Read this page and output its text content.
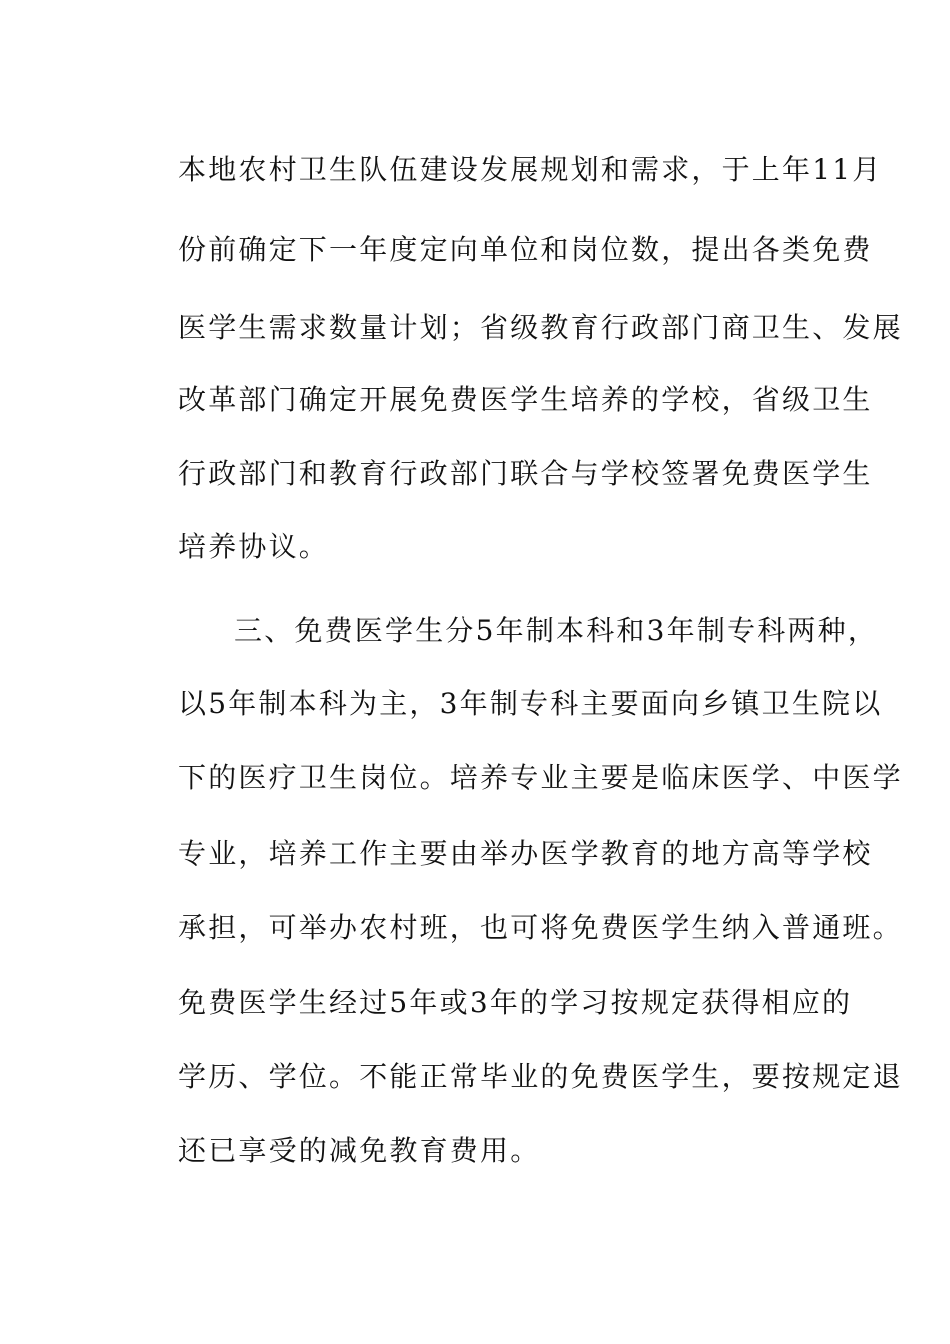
本地农村卫生队伍建设发展规划和需求，于上年11月
份前确定下一年度定向单位和岗位数，提出各类免费
医学生需求数量计划；省级教育行政部门商卫生、发展
改革部门确定开展免费医学生培养的学校，省级卫生
行政部门和教育行政部门联合与学校签署免费医学生
培养协议。
三、免费医学生分5年制本科和3年制专科两种，
以5年制本科为主，3年制专科主要面向乡镇卫生院以
下的医疗卫生岗位。培养专业主要是临床医学、中医学
专业，培养工作主要由举办医学教育的地方高等学校
承担，可举办农村班，也可将免费医学生纳入普通班。
免费医学生经过5年或3年的学习按规定获得相应的
学历、学位。不能正常毕业的免费医学生，要按规定退
还已享受的减免教育费用。
